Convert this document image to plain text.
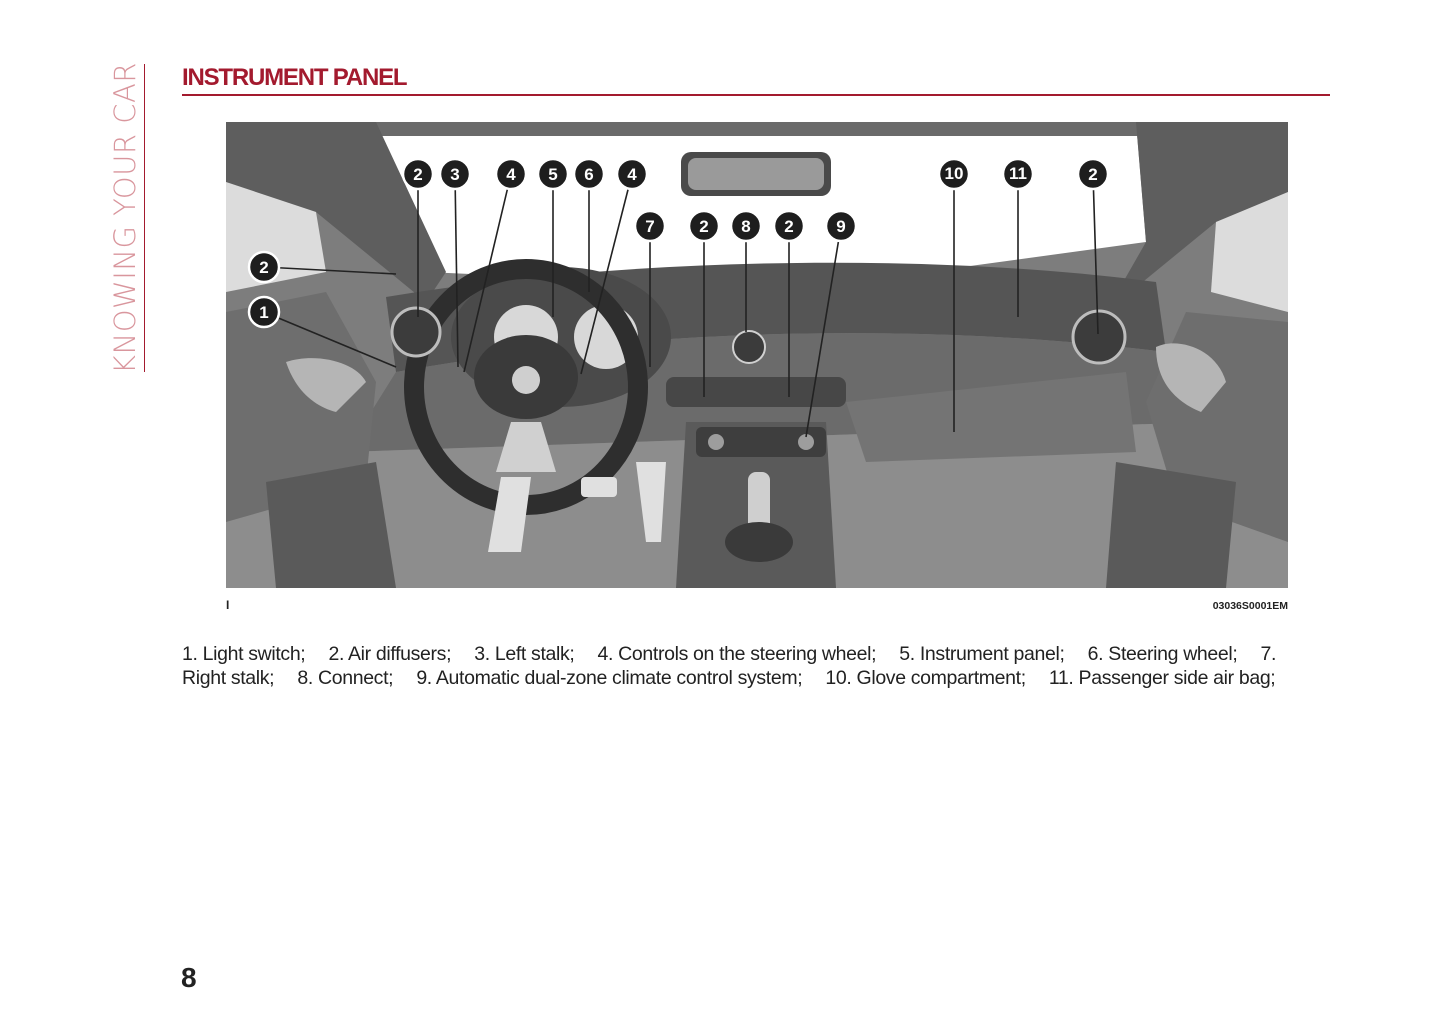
KNOWING YOUR CAR INSTRUMENT PANEL
2
1
2 3	4 5 6 4
7	2 8 2	9
10	11	2
I	03036S0001EM
1. Light switch; 2. Air diffusers; 3. Left stalk; 4. Controls on the steering wheel; 5. Instrument panel; 6. Steering wheel; 7. Right stalk; 8. Connect; 9. Automatic dual-zone climate control system; 10. Glove compartment; 11. Passenger side air bag;
8
